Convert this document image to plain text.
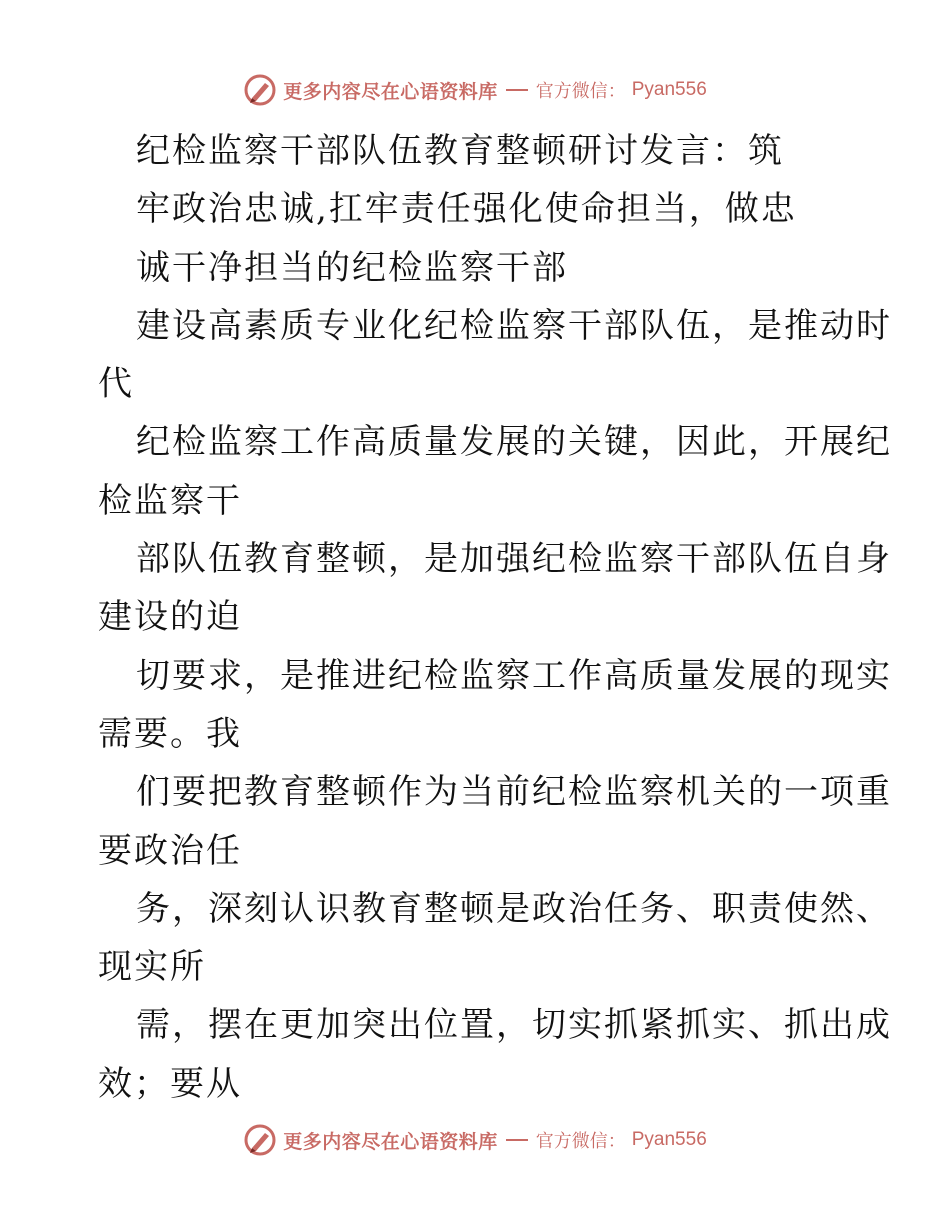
更多内容尽在心语资料库 官方微信： Pyan556
纪检监察干部队伍教育整顿研讨发言：筑
牢政治忠诚,扛牢责任强化使命担当，做忠
诚干净担当的纪检监察干部
建设高素质专业化纪检监察干部队伍，是推动时
代
纪检监察工作高质量发展的关键，因此，开展纪
检监察干
部队伍教育整顿，是加强纪检监察干部队伍自身
建设的迫
切要求，是推进纪检监察工作高质量发展的现实
需要。我
们要把教育整顿作为当前纪检监察机关的一项重
要政治任
务，深刻认识教育整顿是政治任务、职责使然、
现实所
需，摆在更加突出位置，切实抓紧抓实、抓出成
效；要从
更多内容尽在心语资料库 官方微信： Pyan556
